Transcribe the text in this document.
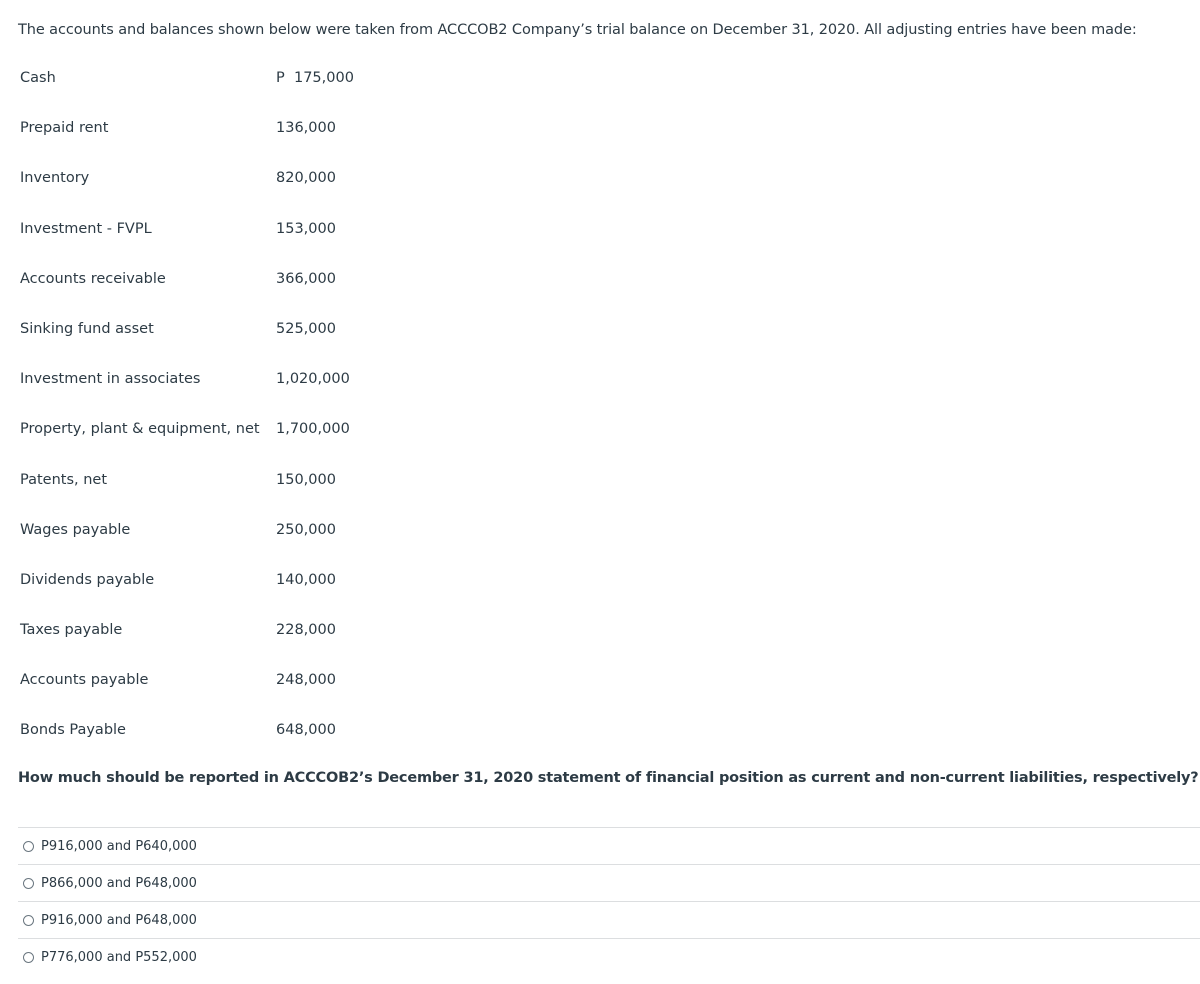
The accounts and balances shown below were taken from ACCCOB2 Company’s trial balance on December 31, 2020. All adjusting entries have been made:
Cash	P  175,000
Prepaid rent	136,000
Inventory	820,000
Investment - FVPL	153,000
Accounts receivable	366,000
Sinking fund asset	525,000
Investment in associates	1,020,000
Property, plant & equipment, net	1,700,000
Patents, net	150,000
Wages payable	250,000
Dividends payable	140,000
Taxes payable	228,000
Accounts payable	248,000
Bonds Payable	648,000
How much should be reported in ACCCOB2’s December 31, 2020 statement of financial position as current and non-current liabilities, respectively?
P916,000 and P640,000
P866,000 and P648,000
P916,000 and P648,000
P776,000 and P552,000
